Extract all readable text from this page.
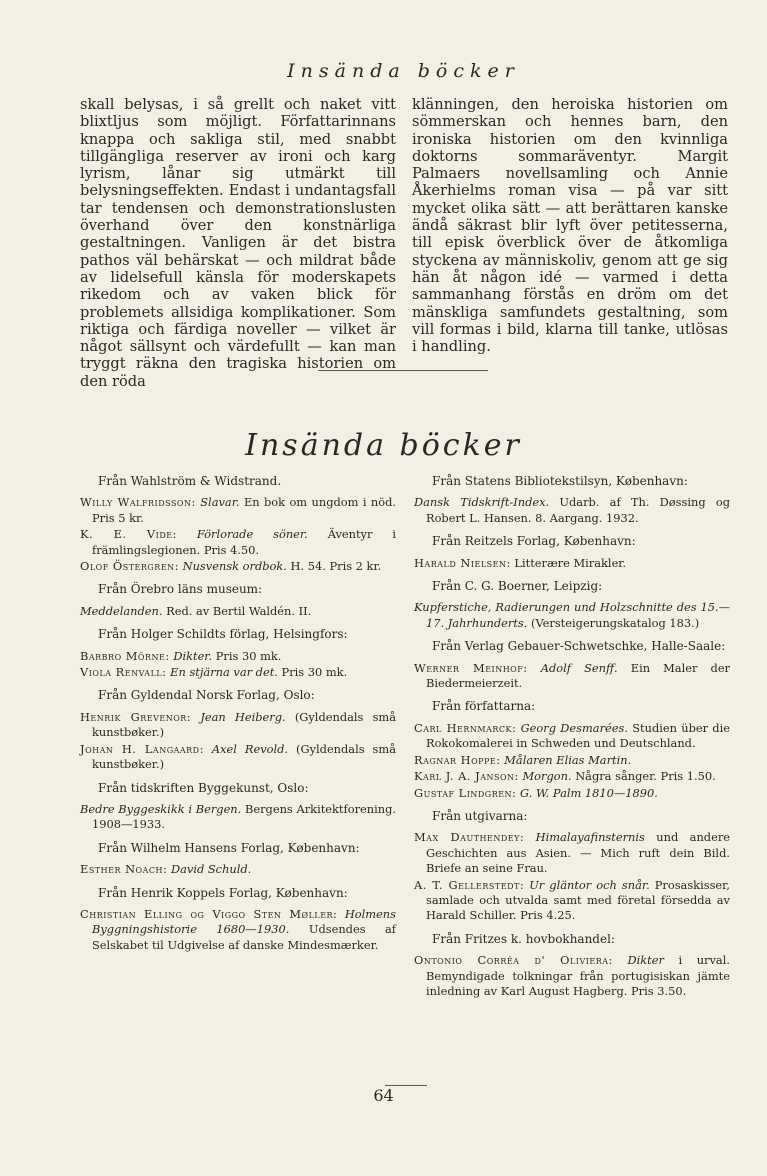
Insända böcker

skall belysas, i så grellt och naket vitt blixtljus som möjligt. Författarinnans knappa och sakliga stil, med snabbt tillgängliga reserver av ironi och karg lyrism, lånar sig utmärkt till belysningseffekten. Endast i undantagsfall tar tendensen och demonstrationslusten överhand över den konstnärliga gestaltningen. Vanligen är det bistra pathos väl behärskat — och mildrat både av lidelsefull känsla för moderskapets rikedom och av vaken blick för problemets allsidiga komplikationer. Som riktiga och färdiga noveller — vilket är något sällsynt och värdefullt — kan man tryggt räkna den tragiska historien om den röda

klänningen, den heroiska historien om sömmerskan och hennes barn, den ironiska historien om den kvinnliga doktorns sommaräventyr. Margit Palmaers novellsamling och Annie Åkerhielms roman visa — på var sitt mycket olika sätt — att berättaren kanske ändå säkrast blir lyft över petitesserna, till episk överblick över de åtkomliga styckena av människoliv, genom att ge sig hän åt någon idé — varmed i detta sammanhang förstås en dröm om det mänskliga samfundets gestaltning, som vill formas i bild, klarna till tanke, utlösas i handling.

Insända böcker

Från Wahlström & Widstrand.

Willy Walfridsson: Slavar. En bok om ungdom i nöd. Pris 5 kr.

K. E. Vide: Förlorade söner. Äventyr i främlingslegionen. Pris 4.50.

Olof Östergren: Nusvensk ordbok. H. 54. Pris 2 kr.

Från Örebro läns museum:

Meddelanden. Red. av Bertil Waldén. II.

Från Holger Schildts förlag, Helsingfors:

Barbro Mörne: Dikter. Pris 30 mk.

Viola Renvall: En stjärna var det. Pris 30 mk.

Från Gyldendal Norsk Forlag, Oslo:

Henrik Grevenor: Jean Heiberg. (Gyldendals små kunstbøker.)

Johan H. Langaard: Axel Revold. (Gyldendals små kunstbøker.)

Från tidskriften Byggekunst, Oslo:

Bedre Byggeskikk i Bergen. Bergens Arkitektforening. 1908—1933.

Från Wilhelm Hansens Forlag, København:

Esther Noach: David Schuld.

Från Henrik Koppels Forlag, København:

Christian Elling og Viggo Sten Møller: Holmens Byggningshistorie 1680—1930. Udsendes af Selskabet til Udgivelse af danske Mindesmærker.

Från Statens Bibliotekstilsyn, København:

Dansk Tidskrift-Index. Udarb. af Th. Døssing og Robert L. Hansen. 8. Aargang. 1932.

Från Reitzels Forlag, København:

Harald Nielsen: Litterære Mirakler.

Från C. G. Boerner, Leipzig:

Kupferstiche, Radierungen und Holzschnitte des 15.—17. Jahrhunderts. (Versteigerungskatalog 183.)

Från Verlag Gebauer-Schwetschke, Halle-Saale:

Werner Meinhof: Adolf Senff. Ein Maler der Biedermeierzeit.

Från författarna:

Carl Hernmarck: Georg Desmarées. Studien über die Rokokomalerei in Schweden und Deutschland.

Ragnar Hoppe: Målaren Elias Martin.

Karl J. A. Janson: Morgon. Några sånger. Pris 1.50.

Gustaf Lindgren: G. W. Palm 1810—1890.

Från utgivarna:

Max Dauthendey: Himalayafinsternis und andere Geschichten aus Asien. — Mich ruft dein Bild. Briefe an seine Frau.

A. T. Gellerstedt: Ur gläntor och snår. Prosaskisser, samlade och utvalda samt med företal försedda av Harald Schiller. Pris 4.25.

Från Fritzes k. hovbokhandel:

Ontonio Corrêa d' Oliviera: Dikter i urval. Bemyndigade tolkningar från portugisiskan jämte inledning av Karl August Hagberg. Pris 3.50.

64
